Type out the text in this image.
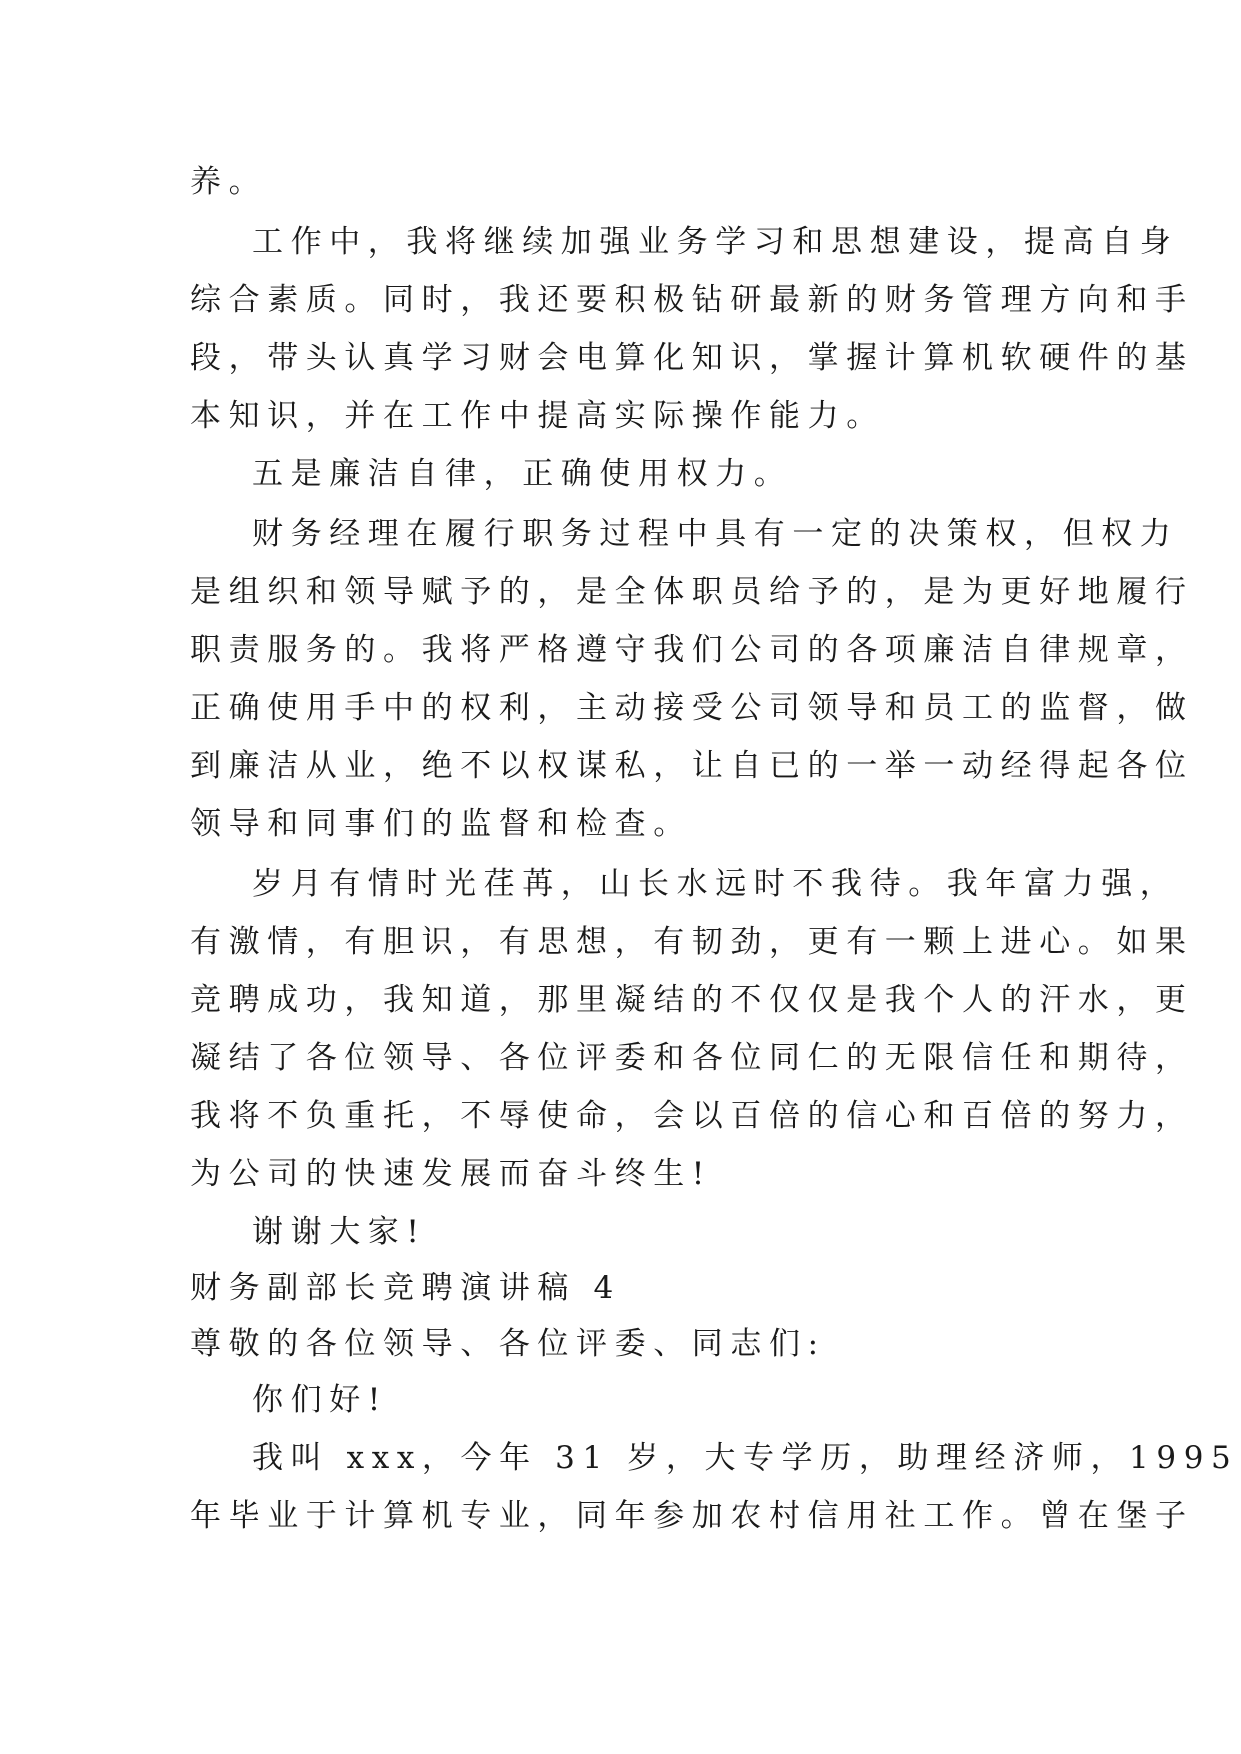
养。
工作中，我将继续加强业务学习和思想建设，提高自身
综合素质。同时，我还要积极钻研最新的财务管理方向和手
段，带头认真学习财会电算化知识，掌握计算机软硬件的基
本知识，并在工作中提高实际操作能力。
五是廉洁自律，正确使用权力。
财务经理在履行职务过程中具有一定的决策权，但权力
是组织和领导赋予的，是全体职员给予的，是为更好地履行
职责服务的。我将严格遵守我们公司的各项廉洁自律规章，
正确使用手中的权利，主动接受公司领导和员工的监督，做
到廉洁从业，绝不以权谋私，让自已的一举一动经得起各位
领导和同事们的监督和检查。
岁月有情时光荏苒，山长水远时不我待。我年富力强，
有激情，有胆识，有思想，有韧劲，更有一颗上进心。如果
竞聘成功，我知道，那里凝结的不仅仅是我个人的汗水，更
凝结了各位领导、各位评委和各位同仁的无限信任和期待，
我将不负重托，不辱使命，会以百倍的信心和百倍的努力，
为公司的快速发展而奋斗终生!
谢谢大家!
财务副部长竞聘演讲稿 4
尊敬的各位领导、各位评委、同志们:
你们好!
我叫 xxx，今年 31 岁，大专学历，助理经济师，1995
年毕业于计算机专业，同年参加农村信用社工作。曾在堡子
